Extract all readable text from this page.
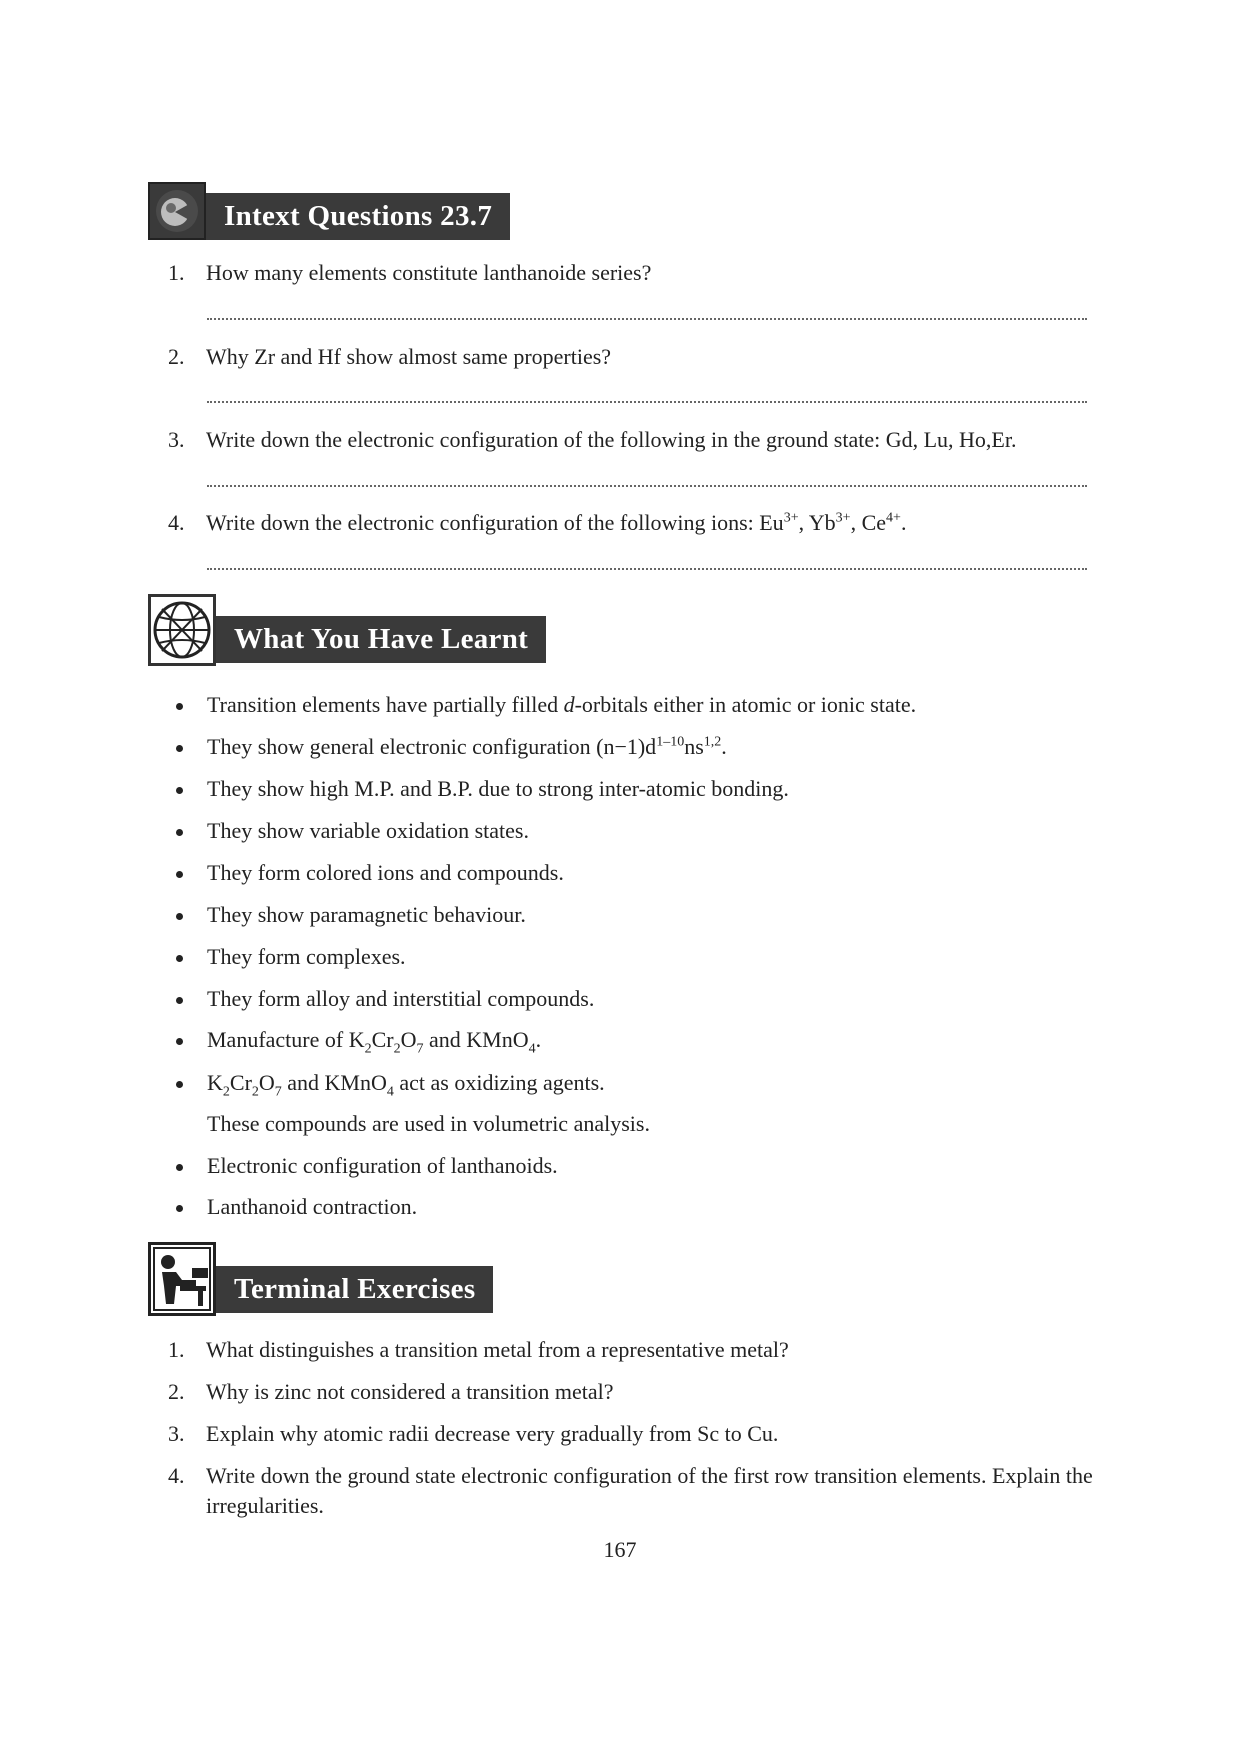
Intext Questions 23.7
1. How many elements constitute lanthanoide series?
2. Why Zr and Hf show almost same properties?
3. Write down the electronic configuration of the following in the ground state: Gd, Lu, Ho,Er.
4. Write down the electronic configuration of the following ions: $Eu^{3+}$, $Yb^{3+}$, $Ce^{4+}$.
What You Have Learnt
Transition elements have partially filled d-orbitals either in atomic or ionic state.
They show general electronic configuration $(n-1)d^{1-10}ns^{1,2}$.
They show high M.P. and B.P. due to strong inter-atomic bonding.
They show variable oxidation states.
They form colored ions and compounds.
They show paramagnetic behaviour.
They form complexes.
They form alloy and interstitial compounds.
Manufacture of $K_2Cr_2O_7$ and KMnO$_4$.
$K_2Cr_2O_7$ and KMnO$_4$ act as oxidizing agents.
These compounds are used in volumetric analysis.
Electronic configuration of lanthanoids.
Lanthanoid contraction.
Terminal Exercises
1. What distinguishes a transition metal from a representative metal?
2. Why is zinc not considered a transition metal?
3. Explain why atomic radii decrease very gradually from Sc to Cu.
4. Write down the ground state electronic configuration of the first row transition elements. Explain the irregularities.
167
